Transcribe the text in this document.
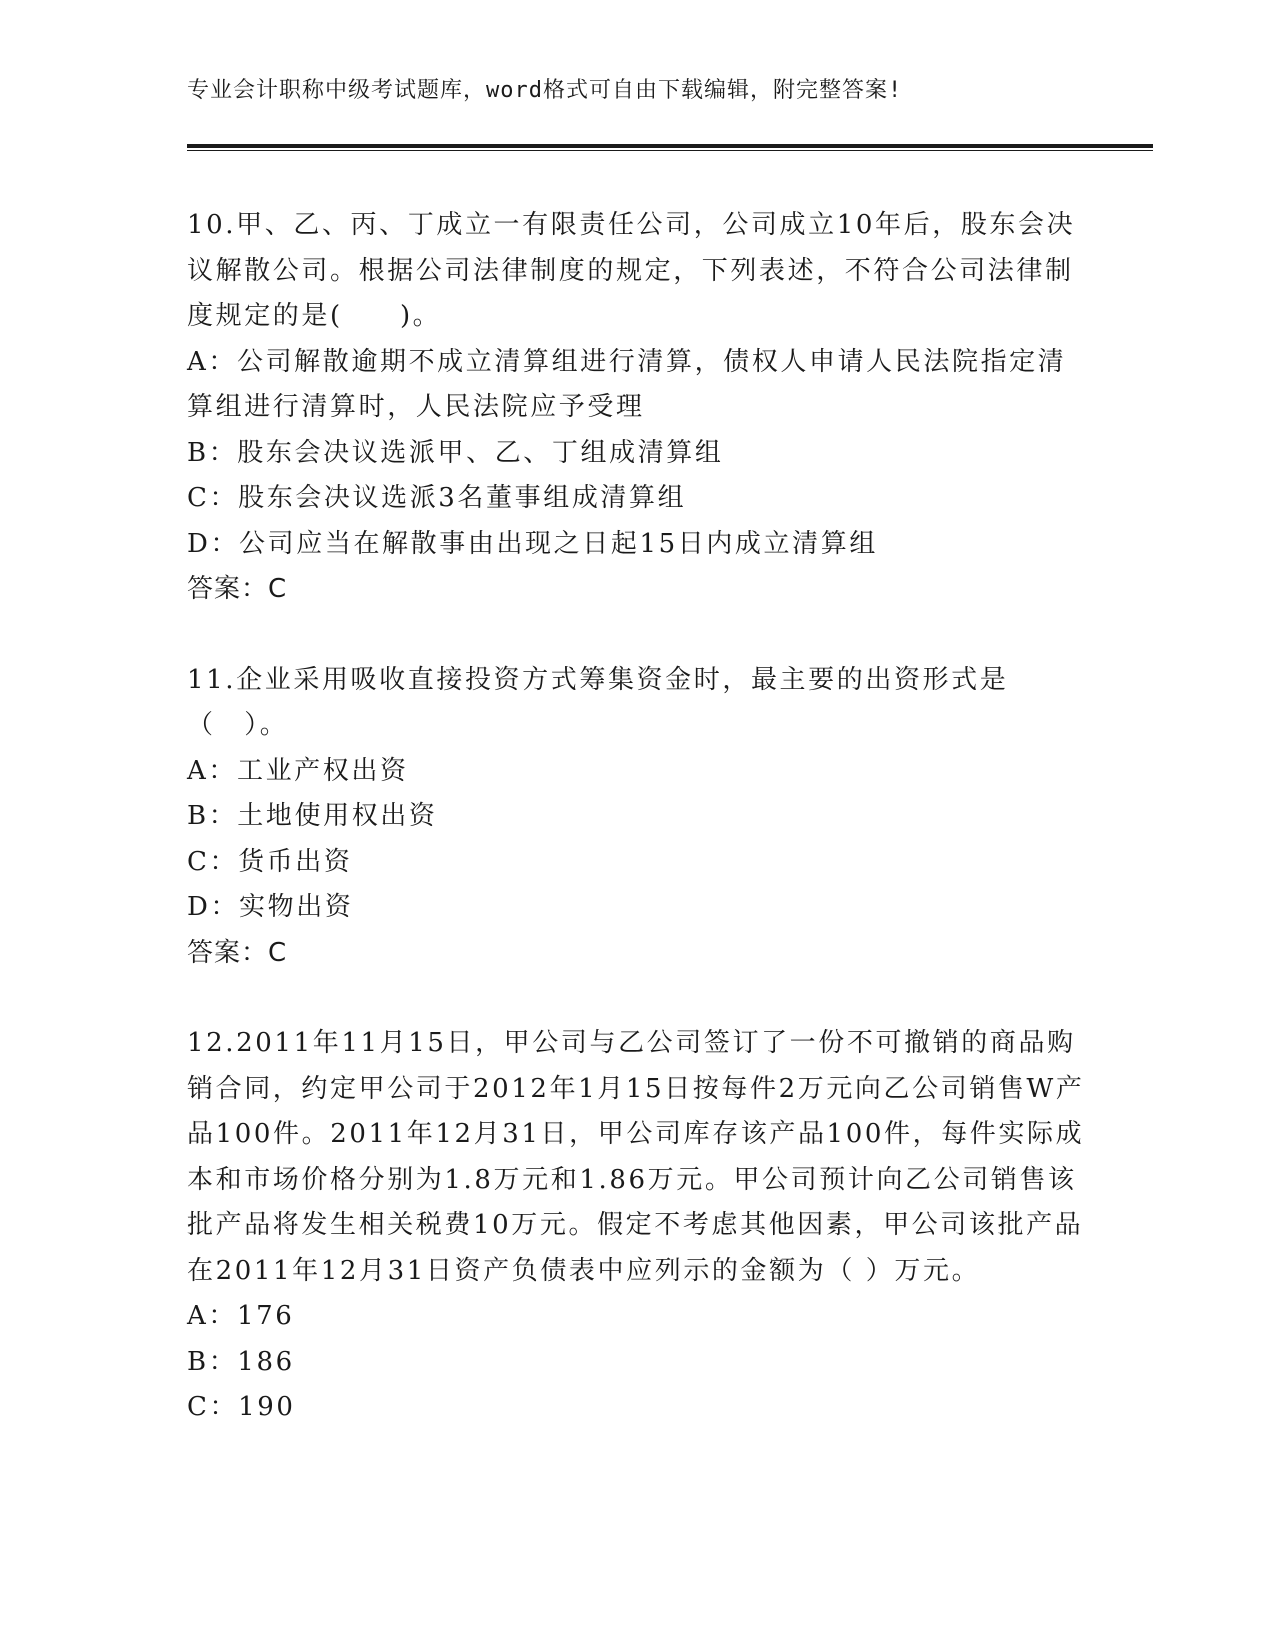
专业会计职称中级考试题库，word格式可自由下载编辑，附完整答案!

10.甲、乙、丙、丁成立一有限责任公司，公司成立10年后，股东会决议解散公司。根据公司法律制度的规定，下列表述，不符合公司法律制度规定的是(　　)。

A：公司解散逾期不成立清算组进行清算，债权人申请人民法院指定清算组进行清算时，人民法院应予受理

B：股东会决议选派甲、乙、丁组成清算组

C：股东会决议选派3名董事组成清算组

D：公司应当在解散事由出现之日起15日内成立清算组

答案：C

11.企业采用吸收直接投资方式筹集资金时，最主要的出资形式是（　）。

A：工业产权出资

B：土地使用权出资

C：货币出资

D：实物出资

答案：C

12.2011年11月15日，甲公司与乙公司签订了一份不可撤销的商品购销合同，约定甲公司于2012年1月15日按每件2万元向乙公司销售W产品100件。2011年12月31日，甲公司库存该产品100件，每件实际成本和市场价格分别为1.8万元和1.86万元。甲公司预计向乙公司销售该批产品将发生相关税费10万元。假定不考虑其他因素，甲公司该批产品在2011年12月31日资产负债表中应列示的金额为（ ）万元。

A：176

B：186

C：190
